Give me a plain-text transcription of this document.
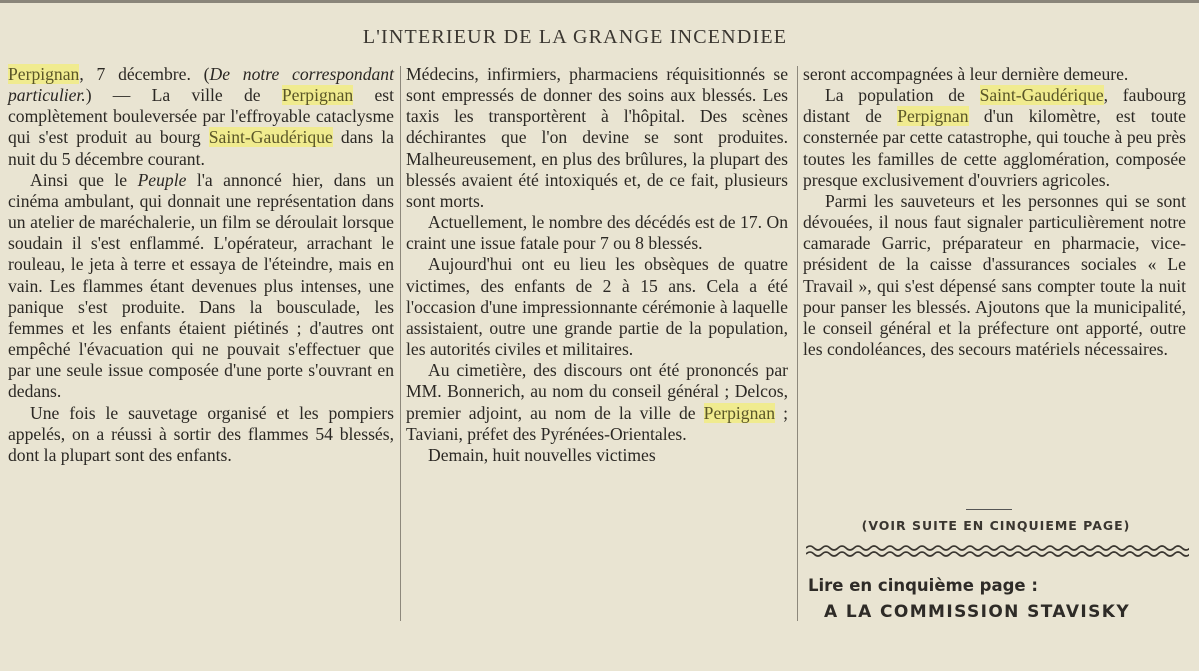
L'INTERIEUR DE LA GRANGE INCENDIEE

Perpignan, 7 décembre. (De notre correspondant particulier.) — La ville de Perpignan est complètement bouleversée par l'effroyable cataclysme qui s'est produit au bourg Saint-Gaudérique dans la nuit du 5 décembre courant.

Ainsi que le Peuple l'a annoncé hier, dans un cinéma ambulant, qui donnait une représentation dans un atelier de maréchalerie, un film se déroulait lorsque soudain il s'est enflammé. L'opérateur, arrachant le rouleau, le jeta à terre et essaya de l'éteindre, mais en vain. Les flammes étant devenues plus intenses, une panique s'est produite. Dans la bousculade, les femmes et les enfants étaient piétinés ; d'autres ont empêché l'évacuation qui ne pouvait s'effectuer que par une seule issue composée d'une porte s'ouvrant en dedans.

Une fois le sauvetage organisé et les pompiers appelés, on a réussi à sortir des flammes 54 blessés, dont la plupart sont des enfants.

Médecins, infirmiers, pharmaciens réquisitionnés se sont empressés de donner des soins aux blessés. Les taxis les transportèrent à l'hôpital. Des scènes déchirantes que l'on devine se sont produites. Malheureusement, en plus des brûlures, la plupart des blessés avaient été intoxiqués et, de ce fait, plusieurs sont morts.

Actuellement, le nombre des décédés est de 17. On craint une issue fatale pour 7 ou 8 blessés.

Aujourd'hui ont eu lieu les obsèques de quatre victimes, des enfants de 2 à 15 ans. Cela a été l'occasion d'une impressionnante cérémonie à laquelle assistaient, outre une grande partie de la population, les autorités civiles et militaires.

Au cimetière, des discours ont été prononcés par MM. Bonnerich, au nom du conseil général ; Delcos, premier adjoint, au nom de la ville de Perpignan ; Taviani, préfet des Pyrénées-Orientales.

Demain, huit nouvelles victimes

seront accompagnées à leur dernière demeure.

La population de Saint-Gaudérique, faubourg distant de Perpignan d'un kilomètre, est toute consternée par cette catastrophe, qui touche à peu près toutes les familles de cette agglomération, composée presque exclusivement d'ouvriers agricoles.

Parmi les sauveteurs et les personnes qui se sont dévouées, il nous faut signaler particulièrement notre camarade Garric, préparateur en pharmacie, vice-président de la caisse d'assurances sociales « Le Travail », qui s'est dépensé sans compter toute la nuit pour panser les blessés. Ajoutons que la municipalité, le conseil général et la préfecture ont apporté, outre les condoléances, des secours matériels nécessaires.

(VOIR SUITE EN CINQUIEME PAGE)
Lire en cinquième page :
A LA COMMISSION STAVISKY
